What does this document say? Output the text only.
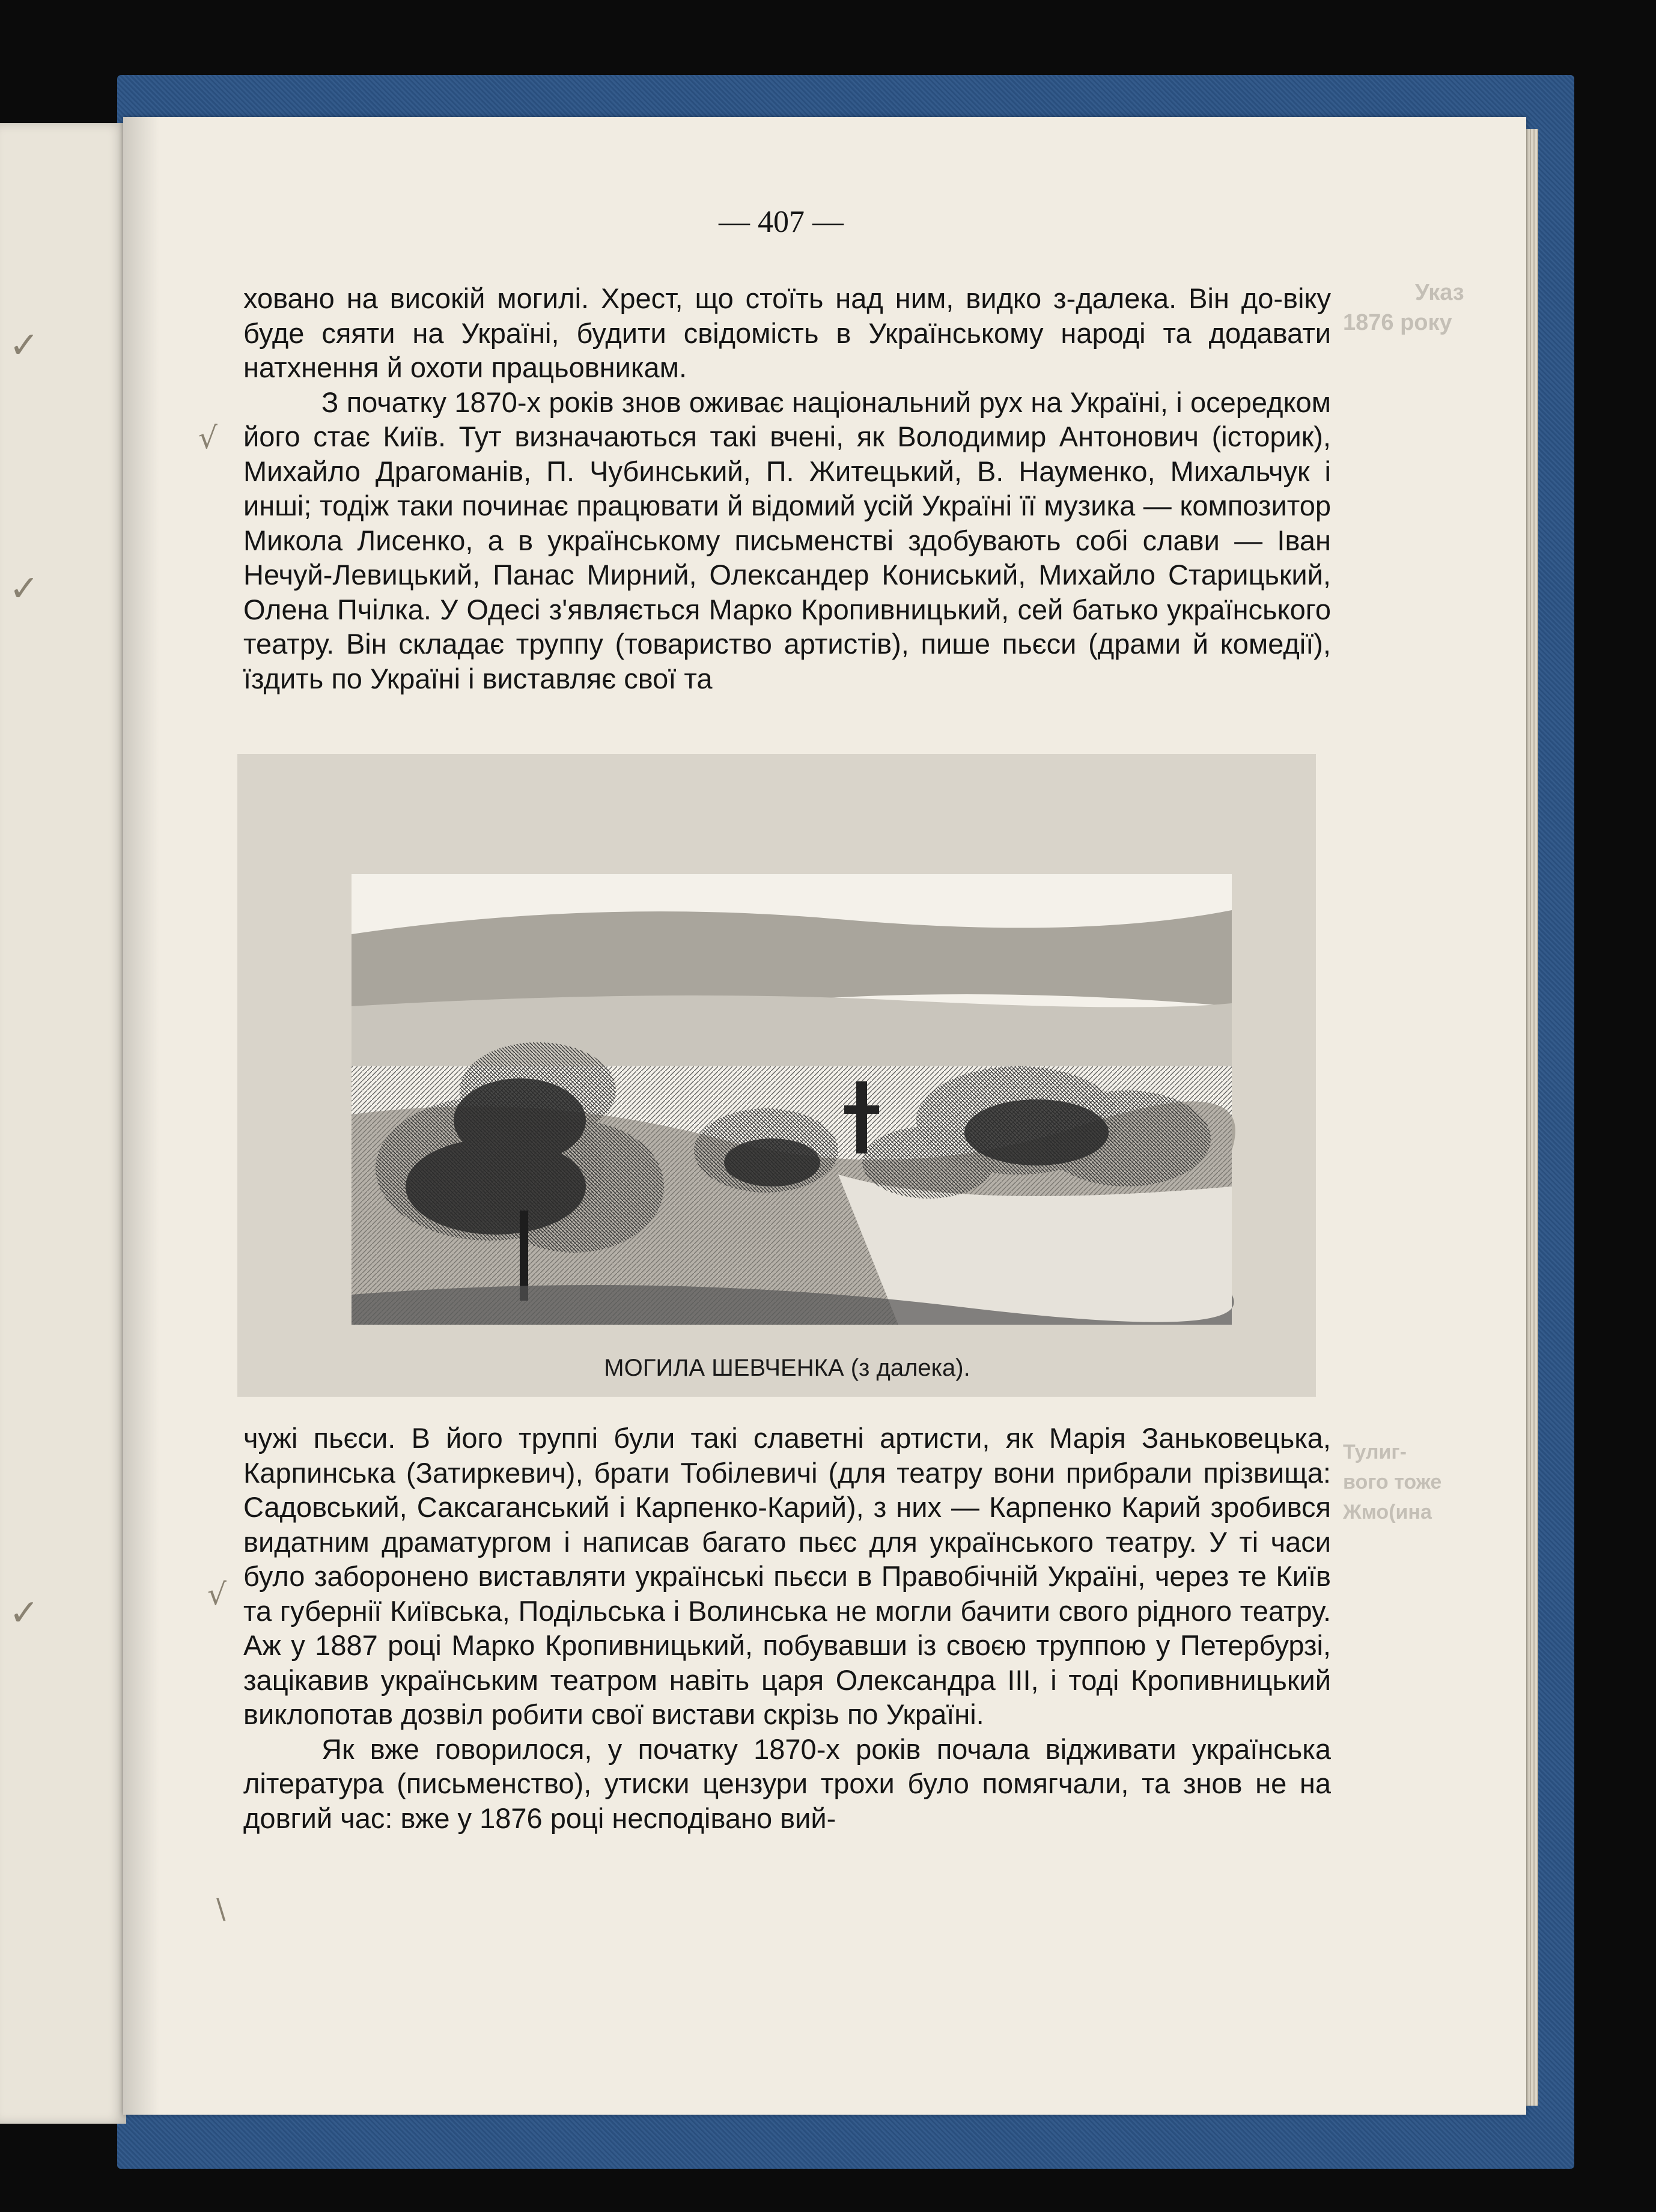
Указ
1876 року
Тулиг-
вого тоже
Жмо(ина
✓
✓
✓
√
√
\
— 407 —

ховано на високій могилі. Хрест, що стоїть над ним, видко з-далека. Він до-віку буде сяяти на Україні, будити свідомість в Українському народі та додавати натхнення й охоти працьовникам.

З початку 1870-х років знов оживає національний рух на Україні, і осередком його стає Київ. Тут визначаються такі вчені, як Володимир Антонович (історик), Михайло Драгоманів, П. Чубинський, П. Житецький, В. Науменко, Михальчук і инші; тодіж таки починає працювати й відомий усій Україні її музика — композитор Микола Лисенко, а в українському письменстві здобувають собі слави — Іван Нечуй-Левицький, Панас Мирний, Олександер Кониський, Михайло Старицький, Олена Пчілка. У Одесі з'являється Марко Кропивницький, сей батько українського театру. Він складає труппу (товариство артистів), пише пьєси (драми й комедії), їздить по Україні і виставляє свої та

МОГИЛА ШЕВЧЕНКА (з далека).

чужі пьєси. В його труппі були такі славетні артисти, як Марія Заньковецька, Карпинська (Затиркевич), брати Тобілевичі (для театру вони прибрали прізвища: Садовський, Саксаганський і Карпенко-Карий), з них — Карпенко Карий зробився видатним драматургом і написав багато пьєс для українського театру. У ті часи було заборонено виставляти українські пьєси в Правобічній Україні, через те Київ та губернії Київська, Подільська і Волинська не могли бачити свого рідного театру. Аж у 1887 році Марко Кропивницький, побувавши із своєю труппою у Петербурзі, зацікавив українським театром навіть царя Олександра III, і тоді Кропивницький виклопотав дозвіл робити свої вистави скрізь по Україні.

Як вже говорилося, у початку 1870-х років почала відживати українська література (письменство), утиски цензури трохи було помягчали, та знов не на довгий час: вже у 1876 році несподівано вий-
